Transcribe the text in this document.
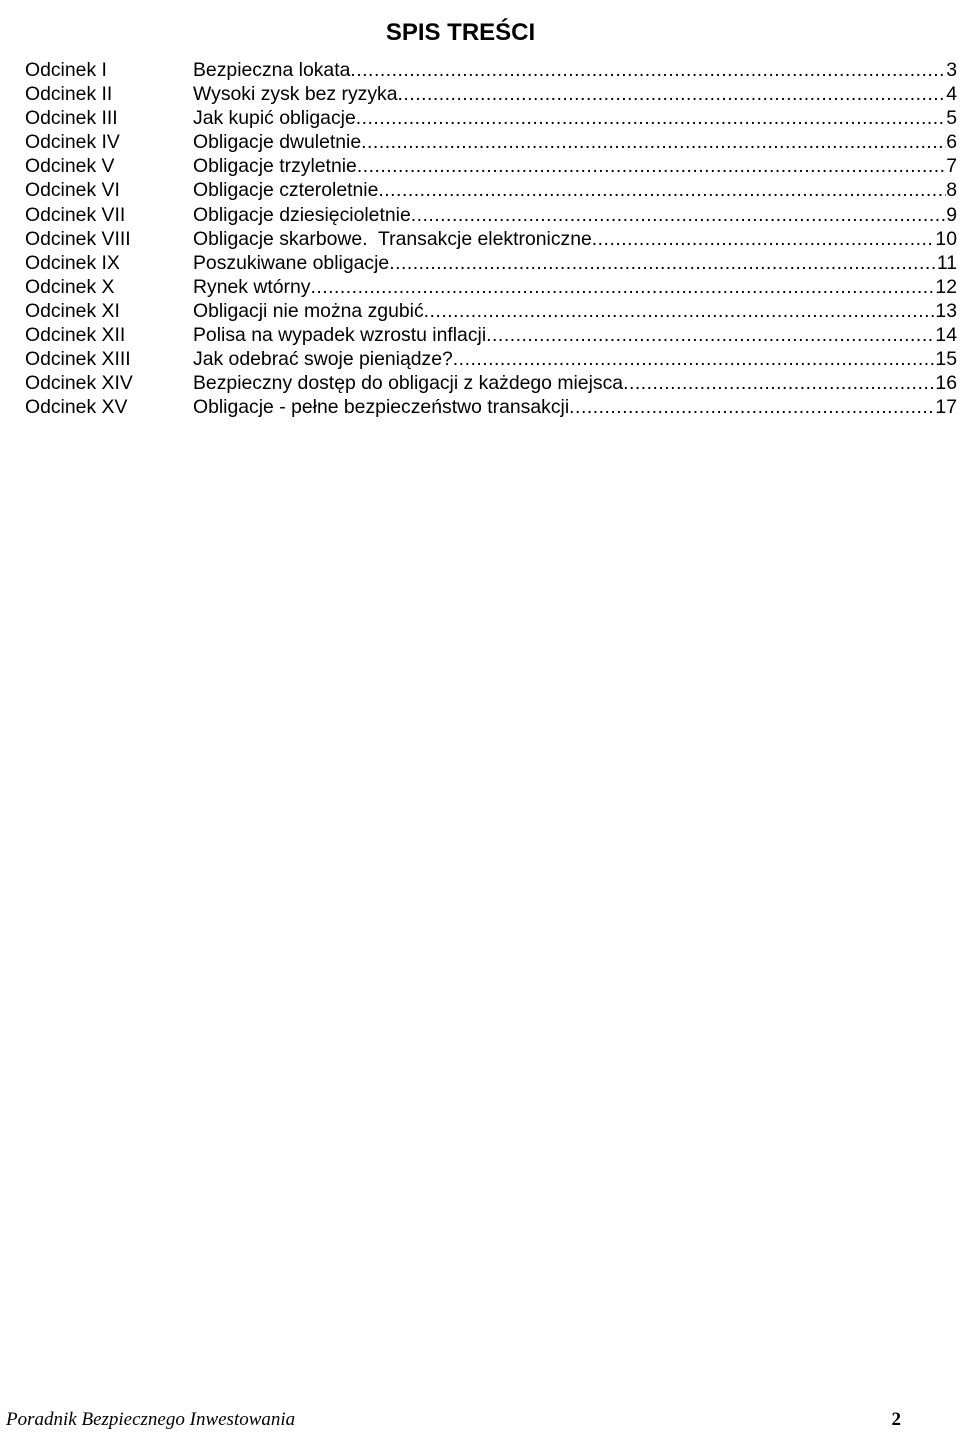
SPIS TREŚCI
Odcinek I	Bezpieczna lokata .....	3
Odcinek II	Wysoki zysk bez ryzyka .....	4
Odcinek III	Jak kupić obligacje .....	5
Odcinek IV	Obligacje dwuletnie .....	6
Odcinek V	Obligacje trzyletnie .....	7
Odcinek VI	Obligacje czteroletnie .....	8
Odcinek VII	Obligacje dziesięcioletnie .....	9
Odcinek VIII	Obligacje skarbowe.  Transakcje elektroniczne .....	10
Odcinek IX	Poszukiwane obligacje .....	11
Odcinek X	Rynek wtórny .....	12
Odcinek XI	Obligacji nie można zgubić .....	13
Odcinek XII	Polisa na wypadek wzrostu inflacji .....	14
Odcinek XIII	Jak odebrać swoje pieniądze? .....	15
Odcinek XIV	Bezpieczny dostęp do obligacji z każdego miejsca .....	16
Odcinek XV	Obligacje - pełne bezpieczeństwo transakcji .....	17
Poradnik Bezpiecznego Inwestowania	2
